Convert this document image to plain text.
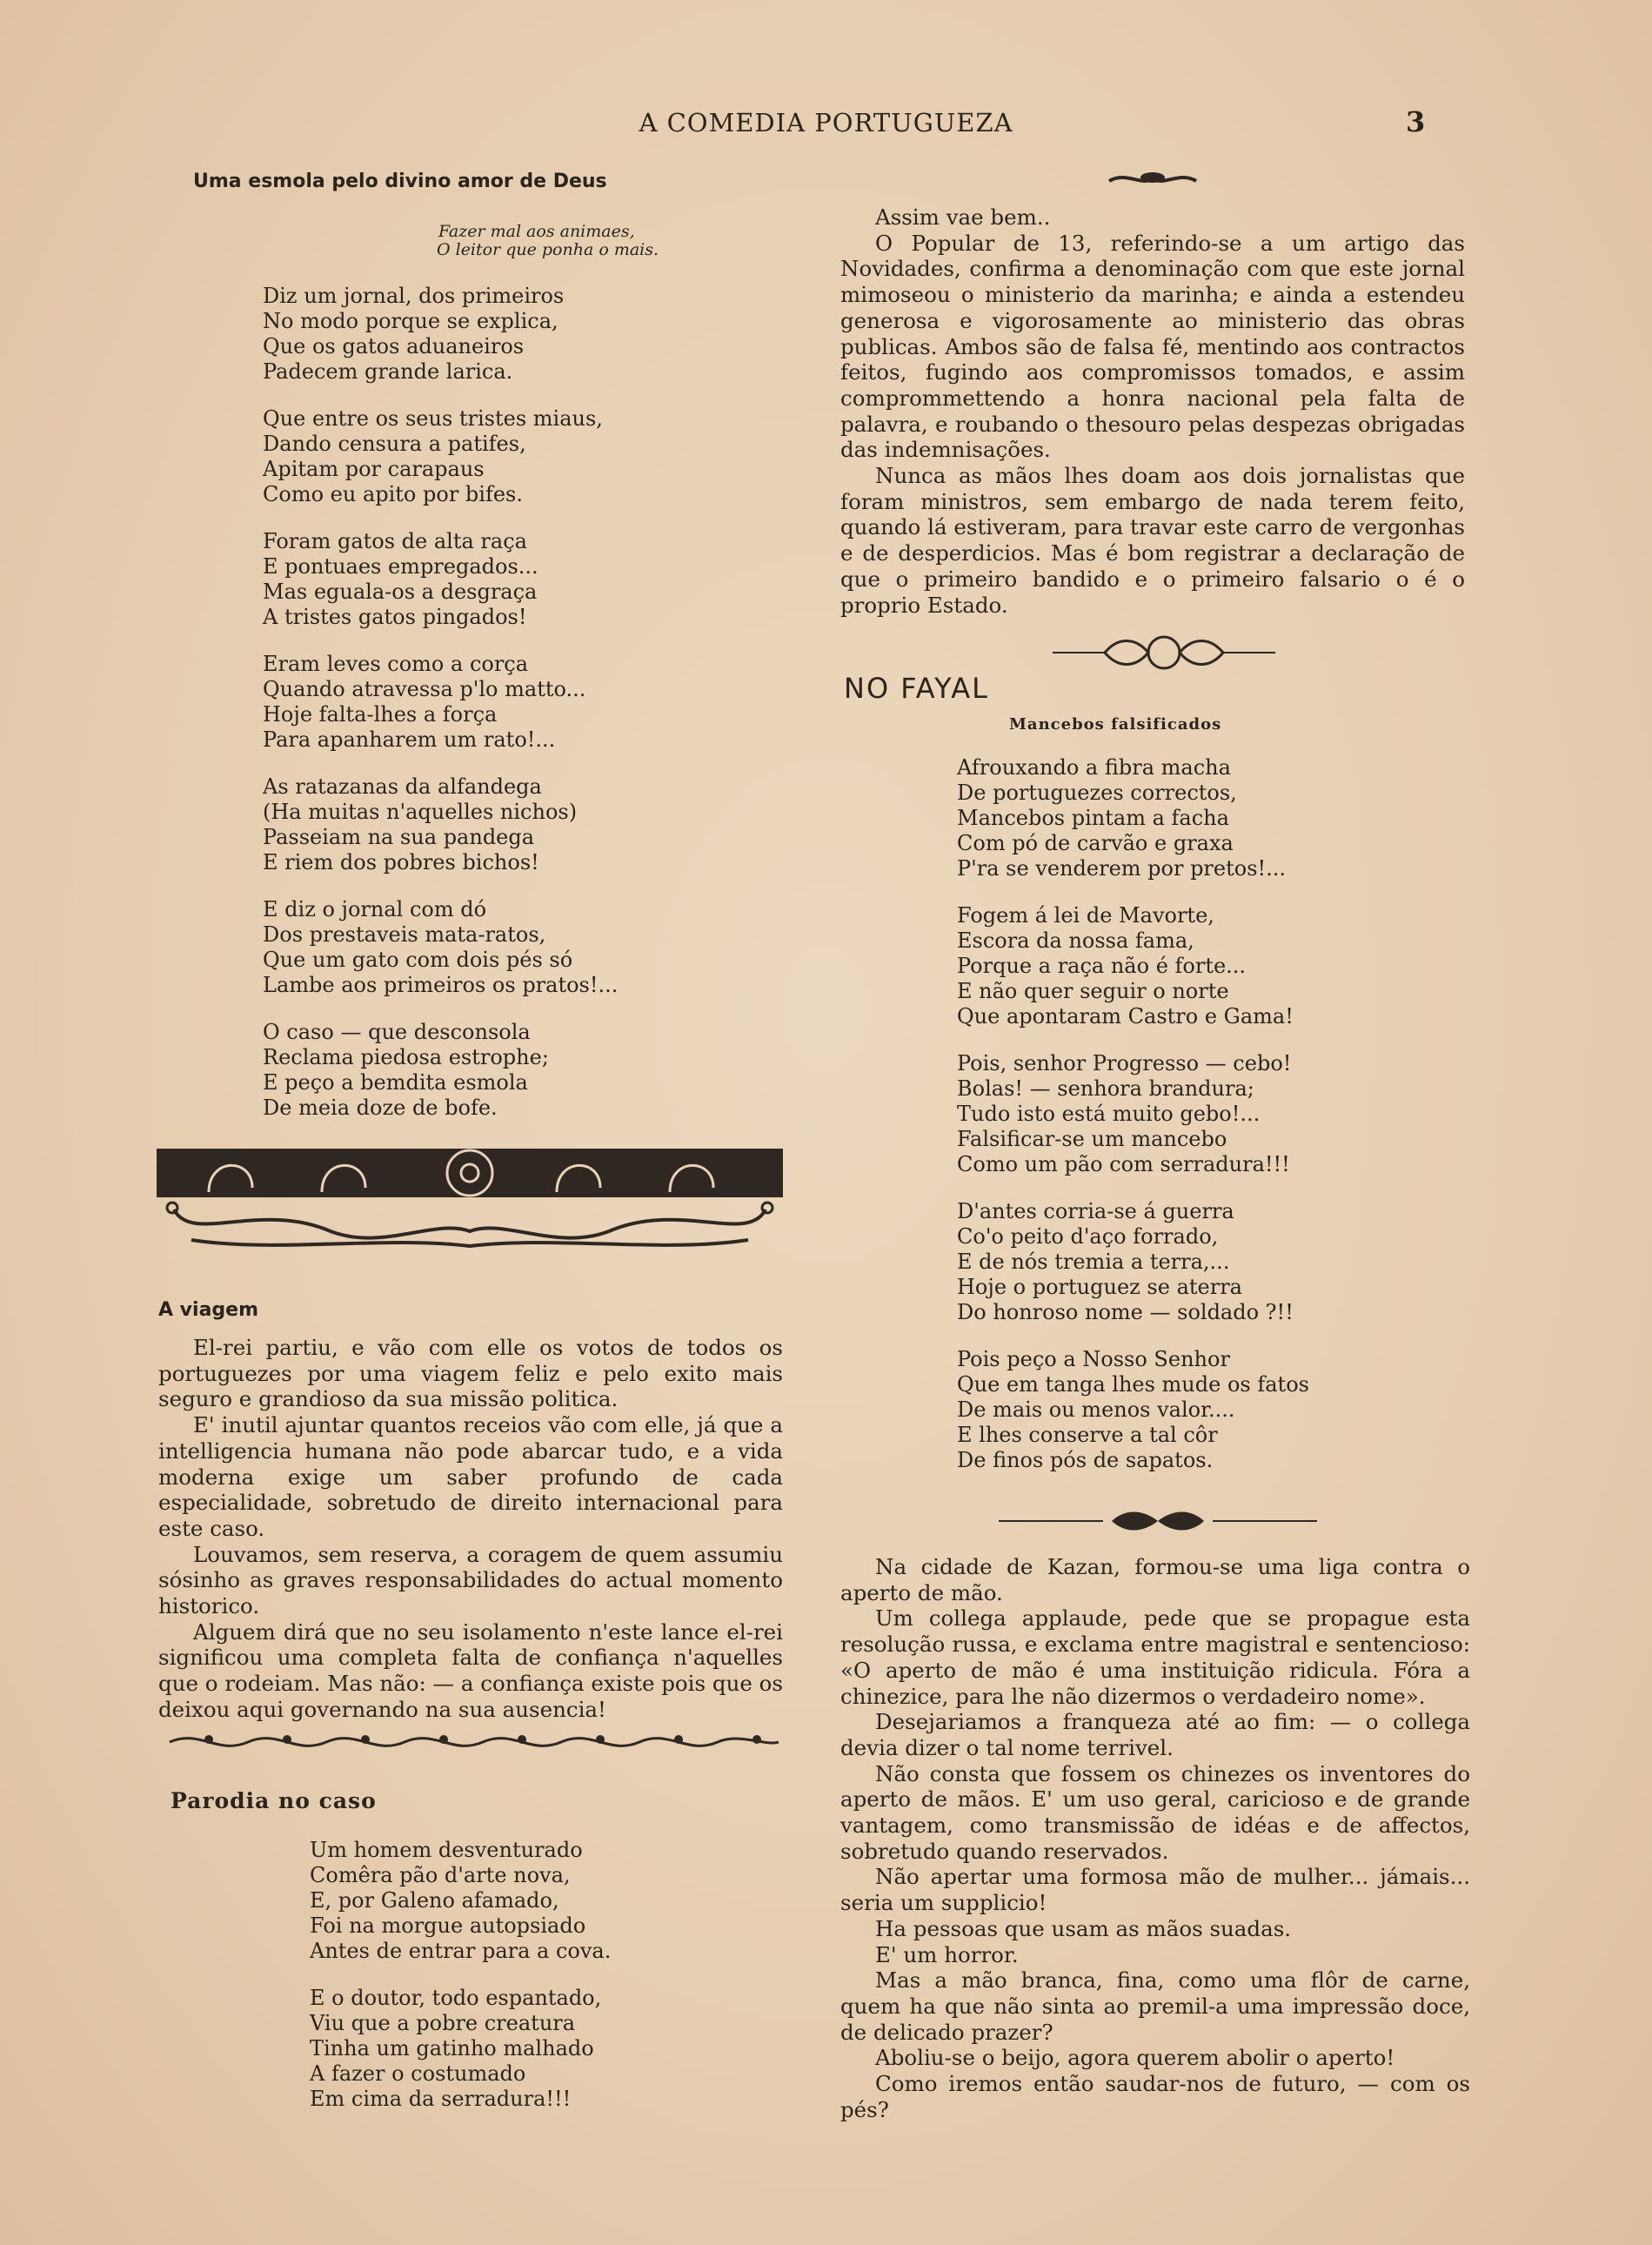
A COMEDIA PORTUGUEZA	3
Uma esmola pelo divino amor de Deus
Fazer mal aos animaes,
O leitor que ponha o mais.
Diz um jornal, dos primeiros
No modo porque se explica,
Que os gatos aduaneiros
Padecem grande larica.
Que entre os seus tristes miaus,
Dando censura a patifes,
Apitam por carapaus
Como eu apito por bifes.
Foram gatos de alta raça
E pontuaes empregados...
Mas eguala-os a desgraça
A tristes gatos pingados!
Eram leves como a corça
Quando atravessa p'lo matto...
Hoje falta-lhes a força
Para apanharem um rato!...
As ratazanas da alfandega
(Ha muitas n'aquelles nichos)
Passeiam na sua pandega
E riem dos pobres bichos!
E diz o jornal com dó
Dos prestaveis mata-ratos,
Que um gato com dois pés só
Lambe aos primeiros os pratos!...
O caso — que desconsola
Reclama piedosa estrophe;
E peço a bemdita esmola
De meia doze de bofe.
A viagem

El-rei partiu, e vão com elle os votos de todos os portuguezes por uma viagem feliz e pelo exito mais seguro e grandioso da sua missão politica.

E' inutil ajuntar quantos receios vão com elle, já que a intelligencia humana não pode abarcar tudo, e a vida moderna exige um saber profundo de cada especialidade, sobretudo de direito internacional para este caso.

Louvamos, sem reserva, a coragem de quem assumiu sósinho as graves responsabilidades do actual momento historico.

Alguem dirá que no seu isolamento n'este lance el-rei significou uma completa falta de confiança n'aquelles que o rodeiam. Mas não: — a confiança existe pois que os deixou aqui governando na sua ausencia!

Parodia no caso
Um homem desventurado
Comêra pão d'arte nova,
E, por Galeno afamado,
Foi na morgue autopsiado
Antes de entrar para a cova.
E o doutor, todo espantado,
Viu que a pobre creatura
Tinha um gatinho malhado
A fazer o costumado
Em cima da serradura!!!

Assim vae bem..

O Popular de 13, referindo-se a um artigo das Novidades, confirma a denominação com que este jornal mimoseou o ministerio da marinha; e ainda a estendeu generosa e vigorosamente ao ministerio das obras publicas. Ambos são de falsa fé, mentindo aos contractos feitos, fugindo aos compromissos tomados, e assim comprommettendo a honra nacional pela falta de palavra, e roubando o thesouro pelas despezas obrigadas das indemnisações.

Nunca as mãos lhes doam aos dois jornalistas que foram ministros, sem embargo de nada terem feito, quando lá estiveram, para travar este carro de vergonhas e de desperdicios. Mas é bom registrar a declaração de que o primeiro bandido e o primeiro falsario o é o proprio Estado.

NO FAYAL
Mancebos falsificados
Afrouxando a fibra macha
De portuguezes correctos,
Mancebos pintam a facha
Com pó de carvão e graxa
P'ra se venderem por pretos!...
Fogem á lei de Mavorte,
Escora da nossa fama,
Porque a raça não é forte...
E não quer seguir o norte
Que apontaram Castro e Gama!
Pois, senhor Progresso — cebo!
Bolas! — senhora brandura;
Tudo isto está muito gebo!...
Falsificar-se um mancebo
Como um pão com serradura!!!
D'antes corria-se á guerra
Co'o peito d'aço forrado,
E de nós tremia a terra,...
Hoje o portuguez se aterra
Do honroso nome — soldado ?!!
Pois peço a Nosso Senhor
Que em tanga lhes mude os fatos
De mais ou menos valor....
E lhes conserve a tal côr
De finos pós de sapatos.

Na cidade de Kazan, formou-se uma liga contra o aperto de mão.

Um collega applaude, pede que se propague esta resolução russa, e exclama entre magistral e sentencioso: «O aperto de mão é uma instituição ridicula. Fóra a chinezice, para lhe não dizermos o verdadeiro nome».

Desejariamos a franqueza até ao fim: — o collega devia dizer o tal nome terrivel.

Não consta que fossem os chinezes os inventores do aperto de mãos. E' um uso geral, caricioso e de grande vantagem, como transmissão de idéas e de affectos, sobretudo quando reservados.

Não apertar uma formosa mão de mulher... jámais... seria um supplicio!

Ha pessoas que usam as mãos suadas.

E' um horror.

Mas a mão branca, fina, como uma flôr de carne, quem ha que não sinta ao premil-a uma impressão doce, de delicado prazer?

Aboliu-se o beijo, agora querem abolir o aperto!

Como iremos então saudar-nos de futuro, — com os pés?
